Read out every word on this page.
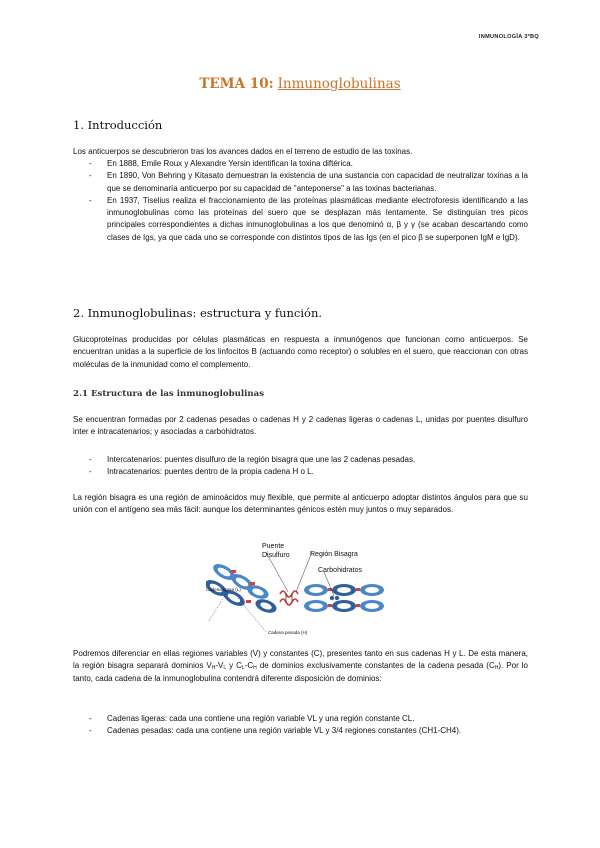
INMUNOLOGÍA 3ºBQ
TEMA 10: Inmunoglobulinas
1. Introducción
Los anticuerpos se descubrieron tras los avances dados en el terreno de estudio de las toxinas.
- En 1888, Emile Roux y Alexandre Yersin identifican la toxina diftérica.
- En 1890, Von Behring y Kitasato demuestran la existencia de una sustancia con capacidad de neutralizar toxinas a la que se denominaría anticuerpo por su capacidad de "anteponerse" a las toxinas bacterianas.
- En 1937, Tiselius realiza el fraccionamiento de las proteínas plasmáticas mediante electroforesis identificando a las inmunoglobulinas como las proteínas del suero que se desplazan más lentamente. Se distinguían tres picos principales correspondientes a dichas inmunoglobulinas a los que denominó α, β y γ (se acaban descartando como clases de Igs, ya que cada uno se corresponde con distintos tipos de las Igs (en el pico β se superponen IgM e IgD).
2. Inmunoglobulinas: estructura y función.
Glucoproteínas producidas por células plasmáticas en respuesta a inmunógenos que funcionan como anticuerpos. Se encuentran unidas a la superficie de los linfocitos B (actuando como receptor) o solubles en el suero, que reaccionan con otras moléculas de la inmunidad como el complemento.
2.1 Estructura de las inmunoglobulinas
Se encuentran formadas por 2 cadenas pesadas o cadenas H y 2 cadenas ligeras o cadenas L, unidas por puentes disulfuro inter e intracatenarios; y asociadas a carbohidratos.
- Intercatenarios: puentes disulfuro de la región bisagra que une las 2 cadenas pesadas.
- Intracatenarios: puentes dentro de la propia cadena H o L.
La región bisagra es una región de aminoácidos muy flexible, que permite al anticuerpo adoptar distintos ángulos para que su unión con el antígeno sea más fácil: aunque los determinantes génicos estén muy juntos o muy separados.
Puente
Disulfuro	Región Bisagra
Carbohidratos
Cadena ligera (L)
Cadena pesada (H)
Podremos diferenciar en ellas regiones variables (V) y constantes (C), presentes tanto en sus cadenas H y L. De esta manera, la región bisagra separará dominios $V_H-V_L$ y $C_L-C_H$ de dominios exclusivamente constantes de la cadena pesada $(C_H)$. Por lo tanto, cada cadena de la inmunoglobulina contendrá diferente disposición de dominios:
- Cadenas ligeras: cada una contiene una región variable VL y una región constante CL.
- Cadenas pesadas: cada una contiene una región variable VL y 3/4 regiones constantes (CH1-CH4).
